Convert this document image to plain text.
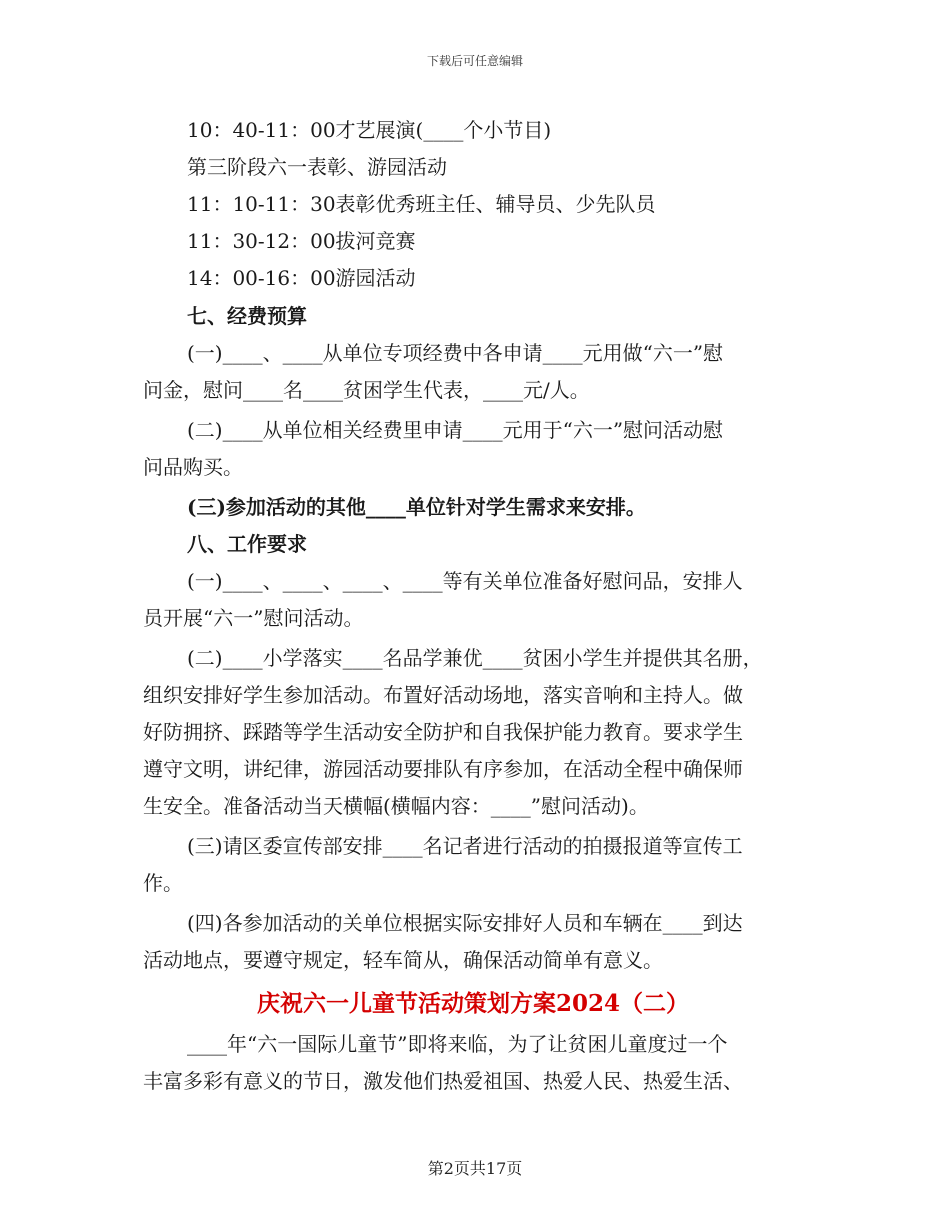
下载后可任意编辑
10：40-11：00才艺展演(____个小节目)
第三阶段六一表彰、游园活动
11：10-11：30表彰优秀班主任、辅导员、少先队员
11：30-12：00拔河竞赛
14：00-16：00游园活动
七、经费预算
(一)____、____从单位专项经费中各申请____元用做“六一”慰
问金，慰问____名____贫困学生代表，____元/人。
(二)____从单位相关经费里申请____元用于“六一”慰问活动慰
问品购买。
(三)参加活动的其他____单位针对学生需求来安排。
八、工作要求
(一)____、____、____、____等有关单位准备好慰问品，安排人
员开展“六一”慰问活动。
(二)____小学落实____名品学兼优____贫困小学生并提供其名册，
组织安排好学生参加活动。布置好活动场地，落实音响和主持人。做
好防拥挤、踩踏等学生活动安全防护和自我保护能力教育。要求学生
遵守文明，讲纪律，游园活动要排队有序参加，在活动全程中确保师
生安全。准备活动当天横幅(横幅内容：____”慰问活动)。
(三)请区委宣传部安排____名记者进行活动的拍摄报道等宣传工
作。
(四)各参加活动的关单位根据实际安排好人员和车辆在____到达
活动地点，要遵守规定，轻车简从，确保活动简单有意义。
庆祝六一儿童节活动策划方案2024（二）
____年“六一国际儿童节”即将来临，为了让贫困儿童度过一个
丰富多彩有意义的节日，激发他们热爱祖国、热爱人民、热爱生活、
第2页共17页
